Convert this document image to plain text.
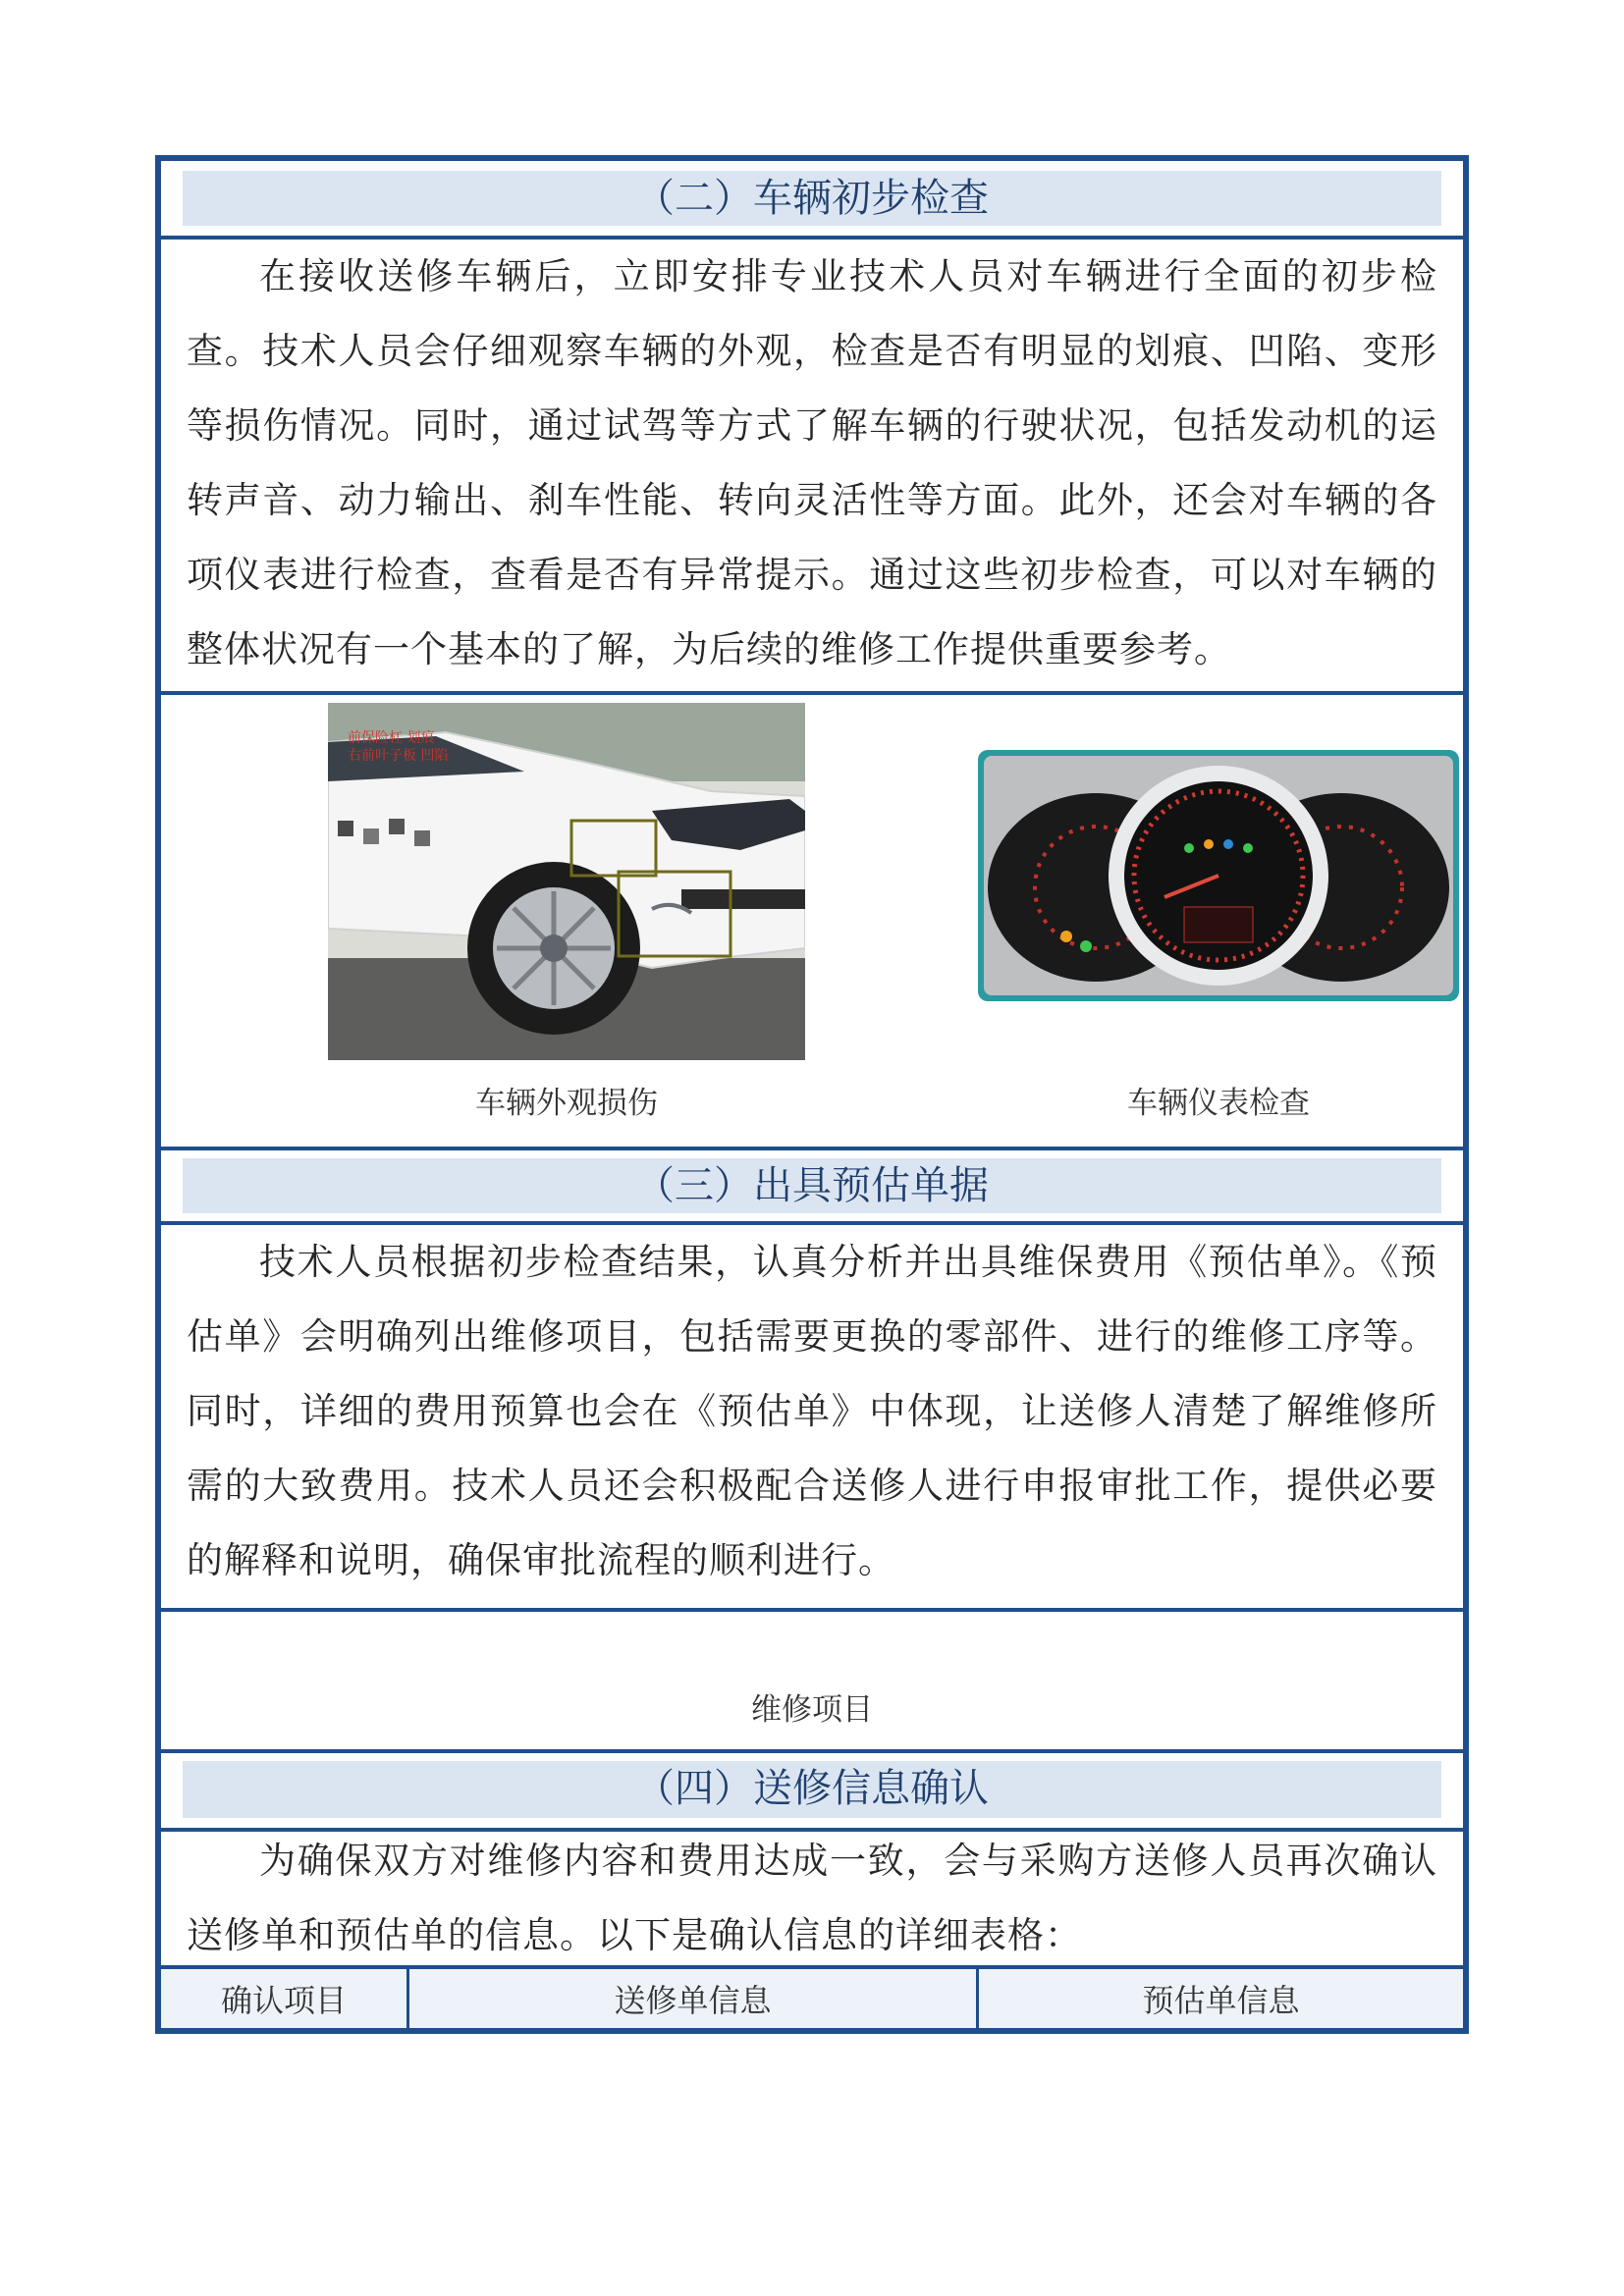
（二）车辆初步检查
在接收送修车辆后，立即安排专业技术人员对车辆进行全面的初步检查。技术人员会仔细观察车辆的外观，检查是否有明显的划痕、凹陷、变形等损伤情况。同时，通过试驾等方式了解车辆的行驶状况，包括发动机的运转声音、动力输出、刹车性能、转向灵活性等方面。此外，还会对车辆的各项仪表进行检查，查看是否有异常提示。通过这些初步检查，可以对车辆的整体状况有一个基本的了解，为后续的维修工作提供重要参考。
前保险杠 划痕
右前叶子板 凹陷
车辆外观损伤	车辆仪表检查
（三）出具预估单据
技术人员根据初步检查结果，认真分析并出具维保费用《预估单》。《预估单》会明确列出维修项目，包括需要更换的零部件、进行的维修工序等。同时，详细的费用预算也会在《预估单》中体现，让送修人清楚了解维修所需的大致费用。技术人员还会积极配合送修人进行申报审批工作，提供必要的解释和说明，确保审批流程的顺利进行。
维修项目
（四）送修信息确认
为确保双方对维修内容和费用达成一致，会与采购方送修人员再次确认送修单和预估单的信息。以下是确认信息的详细表格：
确认项目	送修单信息	预估单信息
